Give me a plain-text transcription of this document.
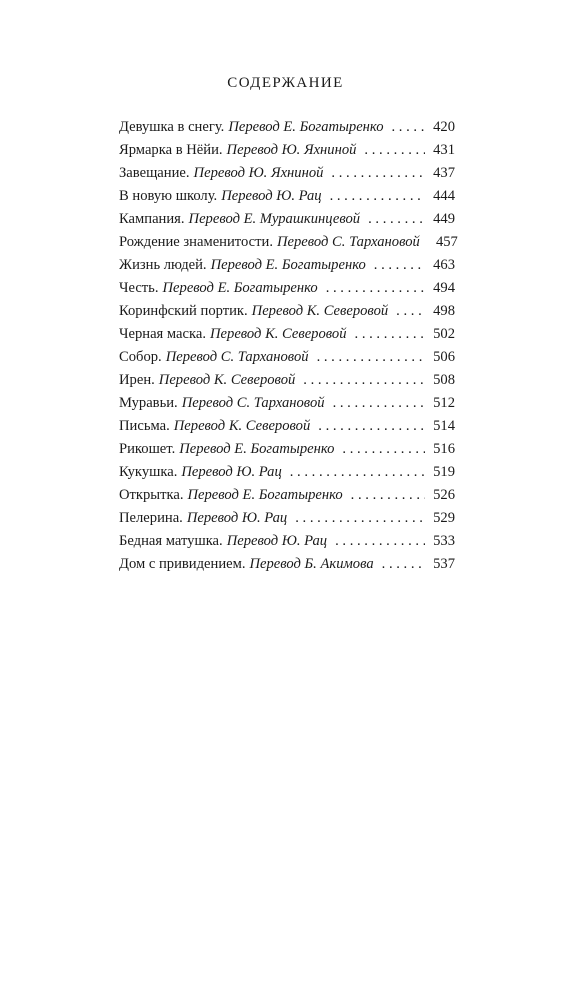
СОДЕРЖАНИЕ
Девушка в снегу. Перевод Е. Богатыренко . . .	420
Ярмарка в Нёйи. Перевод Ю. Яхниной . . .	431
Завещание. Перевод Ю. Яхниной . . .	437
В новую школу. Перевод Ю. Рац . . .	444
Кампания. Перевод Е. Мурашкинцевой . . .	449
Рождение знаменитости. Перевод С. Тархановой 457
Жизнь людей. Перевод Е. Богатыренко . . .	463
Честь. Перевод Е. Богатыренко . . .	494
Коринфский портик. Перевод К. Северовой . . .	498
Черная маска. Перевод К. Северовой . . .	502
Собор. Перевод С. Тархановой . . .	506
Ирен. Перевод К. Северовой . . .	508
Муравьи. Перевод С. Тархановой . . .	512
Письма. Перевод К. Северовой . . .	514
Рикошет. Перевод Е. Богатыренко . . .	516
Кукушка. Перевод Ю. Рац . . .	519
Открытка. Перевод Е. Богатыренко . . .	526
Пелерина. Перевод Ю. Рац . . .	529
Бедная матушка. Перевод Ю. Рац . . .	533
Дом с привидением. Перевод Б. Акимова . . .	537
